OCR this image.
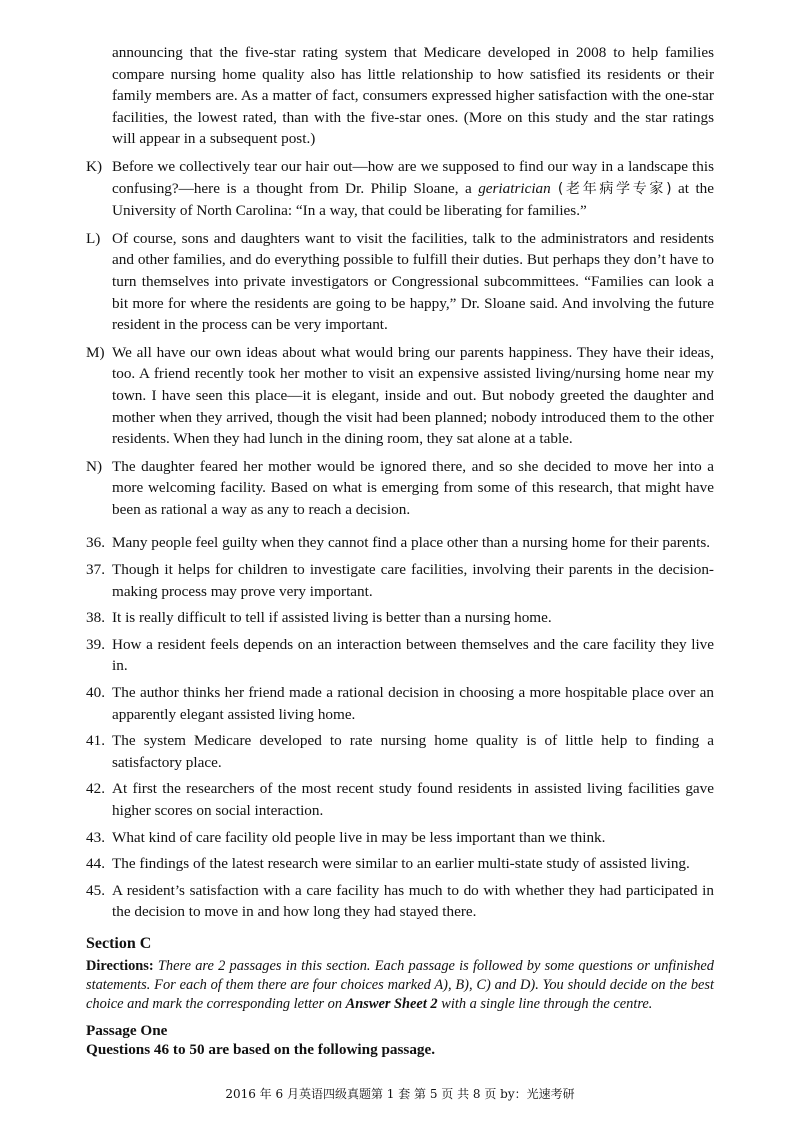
announcing that the five-star rating system that Medicare developed in 2008 to help families compare nursing home quality also has little relationship to how satisfied its residents or their family members are. As a matter of fact, consumers expressed higher satisfaction with the one-star facilities, the lowest rated, than with the five-star ones. (More on this study and the star ratings will appear in a subsequent post.)

K) Before we collectively tear our hair out—how are we supposed to find our way in a landscape this confusing?—here is a thought from Dr. Philip Sloane, a geriatrician (老年病学专家) at the University of North Carolina: “In a way, that could be liberating for families.”
L) Of course, sons and daughters want to visit the facilities, talk to the administrators and residents and other families, and do everything possible to fulfill their duties. But perhaps they don’t have to turn themselves into private investigators or Congressional subcommittees. “Families can look a bit more for where the residents are going to be happy,” Dr. Sloane said. And involving the future resident in the process can be very important.
M) We all have our own ideas about what would bring our parents happiness. They have their ideas, too. A friend recently took her mother to visit an expensive assisted living/nursing home near my town. I have seen this place—it is elegant, inside and out. But nobody greeted the daughter and mother when they arrived, though the visit had been planned; nobody introduced them to the other residents. When they had lunch in the dining room, they sat alone at a table.
N) The daughter feared her mother would be ignored there, and so she decided to move her into a more welcoming facility. Based on what is emerging from some of this research, that might have been as rational a way as any to reach a decision.
36. Many people feel guilty when they cannot find a place other than a nursing home for their parents.
37. Though it helps for children to investigate care facilities, involving their parents in the decision-making process may prove very important.
38. It is really difficult to tell if assisted living is better than a nursing home.
39. How a resident feels depends on an interaction between themselves and the care facility they live in.
40. The author thinks her friend made a rational decision in choosing a more hospitable place over an apparently elegant assisted living home.
41. The system Medicare developed to rate nursing home quality is of little help to finding a satisfactory place.
42. At first the researchers of the most recent study found residents in assisted living facilities gave higher scores on social interaction.
43. What kind of care facility old people live in may be less important than we think.
44. The findings of the latest research were similar to an earlier multi-state study of assisted living.
45. A resident’s satisfaction with a care facility has much to do with whether they had participated in the decision to move in and how long they had stayed there.
Section C
Directions: There are 2 passages in this section. Each passage is followed by some questions or unfinished statements. For each of them there are four choices marked A), B), C) and D). You should decide on the best choice and mark the corresponding letter on Answer Sheet 2 with a single line through the centre.
Passage One
Questions 46 to 50 are based on the following passage.
2016 年 6 月英语四级真题第 1 套 第 5 页 共 8 页 by：光速考研
